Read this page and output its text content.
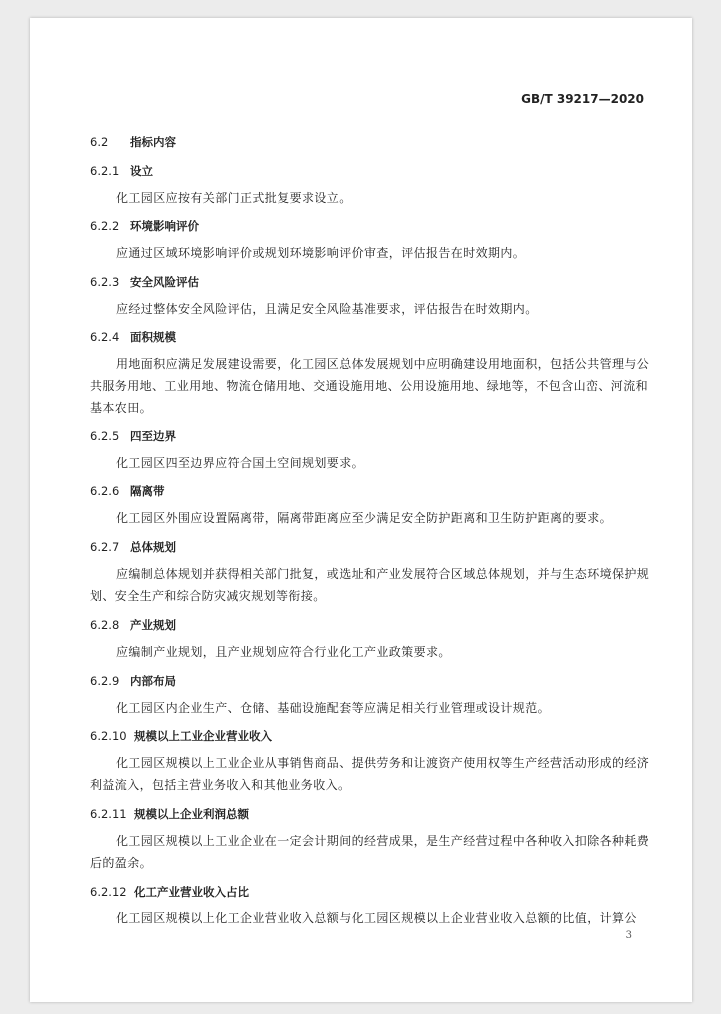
GB/T 39217—2020
6.2 指标内容
6.2.1 设立
化工园区应按有关部门正式批复要求设立。
6.2.2 环境影响评价
应通过区域环境影响评价或规划环境影响评价审查，评估报告在时效期内。
6.2.3 安全风险评估
应经过整体安全风险评估，且满足安全风险基准要求，评估报告在时效期内。
6.2.4 面积规模
用地面积应满足发展建设需要，化工园区总体发展规划中应明确建设用地面积，包括公共管理与公共服务用地、工业用地、物流仓储用地、交通设施用地、公用设施用地、绿地等，不包含山峦、河流和基本农田。
6.2.5 四至边界
化工园区四至边界应符合国土空间规划要求。
6.2.6 隔离带
化工园区外围应设置隔离带，隔离带距离应至少满足安全防护距离和卫生防护距离的要求。
6.2.7 总体规划
应编制总体规划并获得相关部门批复，或选址和产业发展符合区域总体规划，并与生态环境保护规划、安全生产和综合防灾减灾规划等衔接。
6.2.8 产业规划
应编制产业规划，且产业规划应符合行业化工产业政策要求。
6.2.9 内部布局
化工园区内企业生产、仓储、基础设施配套等应满足相关行业管理或设计规范。
6.2.10 规模以上工业企业营业收入
化工园区规模以上工业企业从事销售商品、提供劳务和让渡资产使用权等生产经营活动形成的经济利益流入，包括主营业务收入和其他业务收入。
6.2.11 规模以上企业利润总额
化工园区规模以上工业企业在一定会计期间的经营成果，是生产经营过程中各种收入扣除各种耗费后的盈余。
6.2.12 化工产业营业收入占比
化工园区规模以上化工企业营业收入总额与化工园区规模以上企业营业收入总额的比值，计算公
3
